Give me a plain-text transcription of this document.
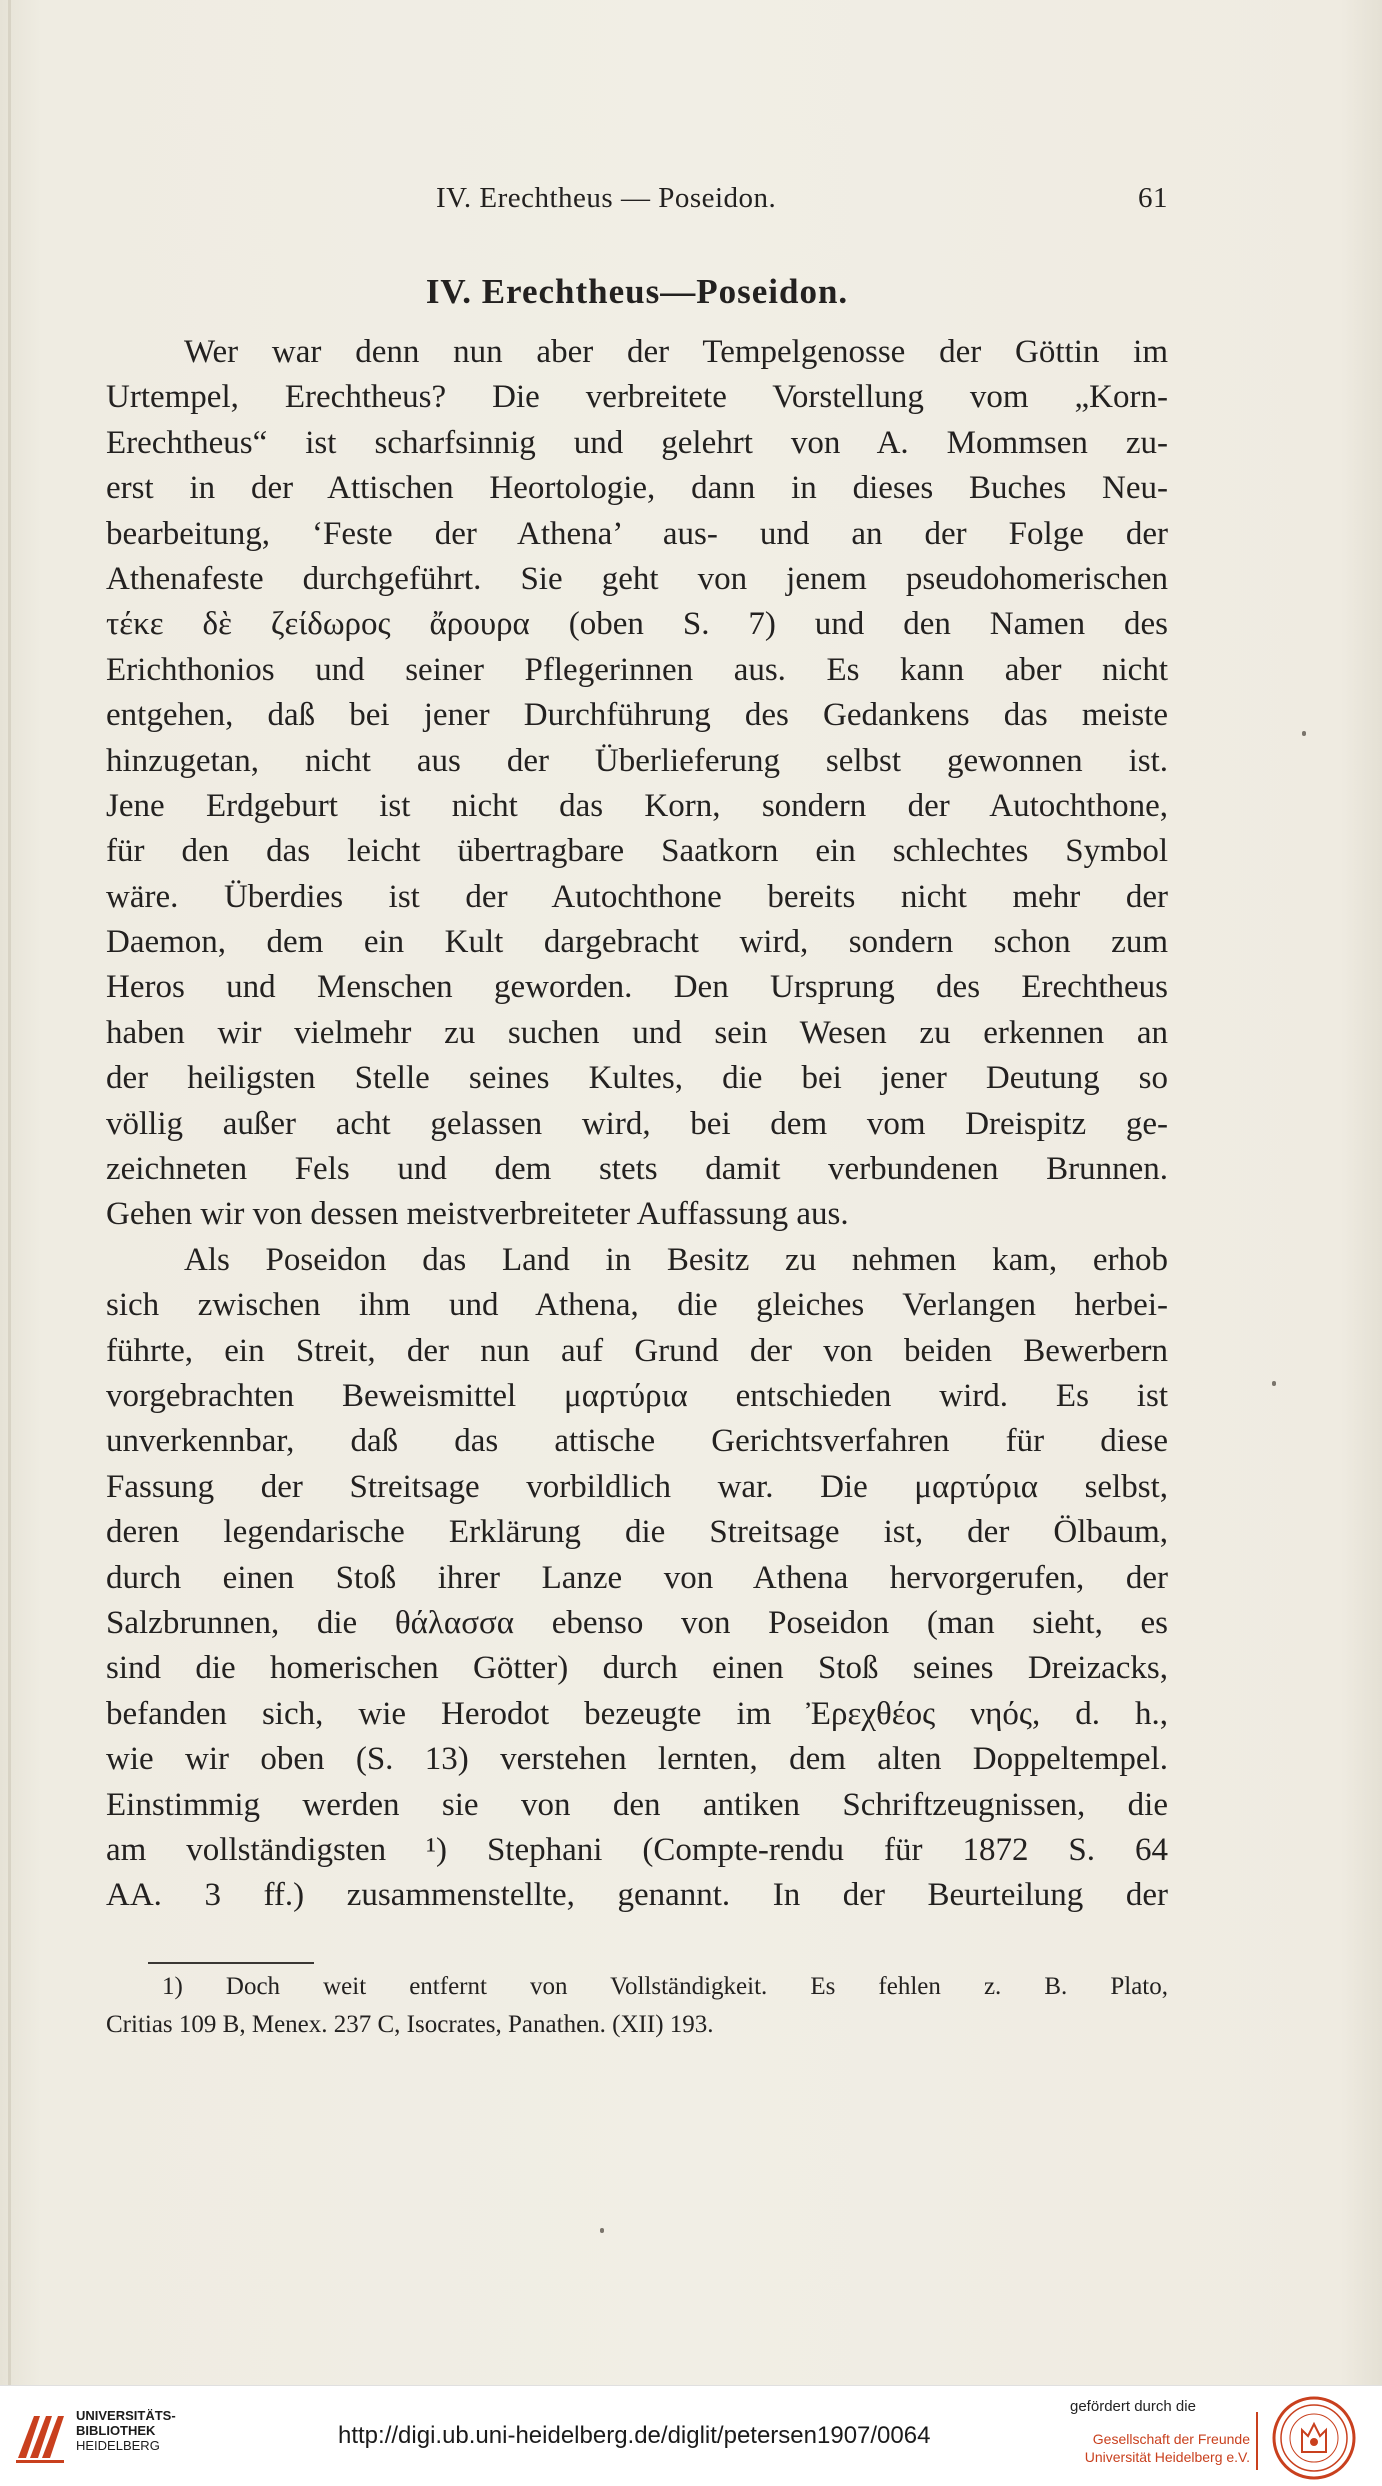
IV. Erechtheus — Poseidon.	61
IV. Erechtheus—Poseidon.
Wer war denn nun aber der Tempelgenosse der Göttin im
Urtempel, Erechtheus? Die verbreitete Vorstellung vom „Korn-
Erechtheus“ ist scharfsinnig und gelehrt von A. Mommsen zu-
erst in der Attischen Heortologie, dann in dieses Buches Neu-
bearbeitung, ‘Feste der Athena’ aus- und an der Folge der
Athenafeste durchgeführt. Sie geht von jenem pseudohomerischen
τέκε δὲ ζείδωρος ἄρουρα (oben S. 7) und den Namen des
Erichthonios und seiner Pflegerinnen aus. Es kann aber nicht
entgehen, daß bei jener Durchführung des Gedankens das meiste
hinzugetan, nicht aus der Überlieferung selbst gewonnen ist.
Jene Erdgeburt ist nicht das Korn, sondern der Autochthone,
für den das leicht übertragbare Saatkorn ein schlechtes Symbol
wäre. Überdies ist der Autochthone bereits nicht mehr der
Daemon, dem ein Kult dargebracht wird, sondern schon zum
Heros und Menschen geworden. Den Ursprung des Erechtheus
haben wir vielmehr zu suchen und sein Wesen zu erkennen an
der heiligsten Stelle seines Kultes, die bei jener Deutung so
völlig außer acht gelassen wird, bei dem vom Dreispitz ge-
zeichneten Fels und dem stets damit verbundenen Brunnen.
Gehen wir von dessen meistverbreiteter Auffassung aus.
Als Poseidon das Land in Besitz zu nehmen kam, erhob
sich zwischen ihm und Athena, die gleiches Verlangen herbei-
führte, ein Streit, der nun auf Grund der von beiden Bewerbern
vorgebrachten Beweismittel μαρτύρια entschieden wird. Es ist
unverkennbar, daß das attische Gerichtsverfahren für diese
Fassung der Streitsage vorbildlich war. Die μαρτύρια selbst,
deren legendarische Erklärung die Streitsage ist, der Ölbaum,
durch einen Stoß ihrer Lanze von Athena hervorgerufen, der
Salzbrunnen, die θάλασσα ebenso von Poseidon (man sieht, es
sind die homerischen Götter) durch einen Stoß seines Dreizacks,
befanden sich, wie Herodot bezeugte im Ἐρεχθέος νηός, d. h.,
wie wir oben (S. 13) verstehen lernten, dem alten Doppeltempel.
Einstimmig werden sie von den antiken Schriftzeugnissen, die
am vollständigsten ¹) Stephani (Compte-rendu für 1872 S. 64
AA. 3 ff.) zusammenstellte, genannt. In der Beurteilung der
1) Doch weit entfernt von Vollständigkeit. Es fehlen z. B. Plato,
Critias 109 B, Menex. 237 C, Isocrates, Panathen. (XII) 193.
UNIVERSITÄTS-
BIBLIOTHEK
HEIDELBERG	http://digi.ub.uni-heidelberg.de/diglit/petersen1907/0064
gefördert durch die
Gesellschaft der Freunde
Universität Heidelberg e.V.
